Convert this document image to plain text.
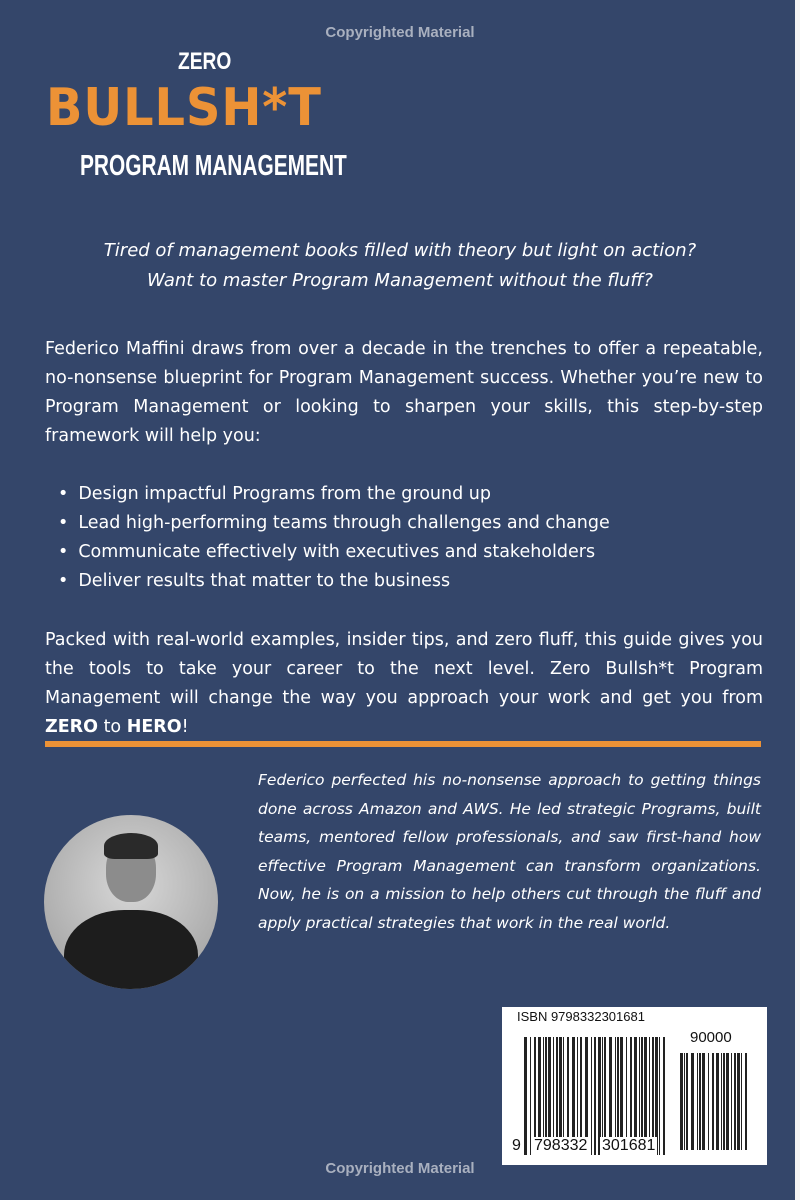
Copyrighted Material
ZERO
BULLSH*T
PROGRAM MANAGEMENT
Tired of management books filled with theory but light on action?
Want to master Program Management without the fluff?
Federico Maffini draws from over a decade in the trenches to offer a repeatable, no-nonsense blueprint for Program Management success. Whether you’re new to Program Management or looking to sharpen your skills, this step-by-step framework will help you:
• Design impactful Programs from the ground up
• Lead high-performing teams through challenges and change
• Communicate effectively with executives and stakeholders
• Deliver results that matter to the business
Packed with real-world examples, insider tips, and zero fluff, this guide gives you the tools to take your career to the next level. Zero Bullsh*t Program Management will change the way you approach your work and get you from ZERO to HERO!
Federico perfected his no-nonsense approach to getting things done across Amazon and AWS. He led strategic Programs, built teams, mentored fellow professionals, and saw first-hand how effective Program Management can transform organizations. Now, he is on a mission to help others cut through the fluff and apply practical strategies that work in the real world.
ISBN 9798332301681
90000
9 798332 301681
Copyrighted Material
